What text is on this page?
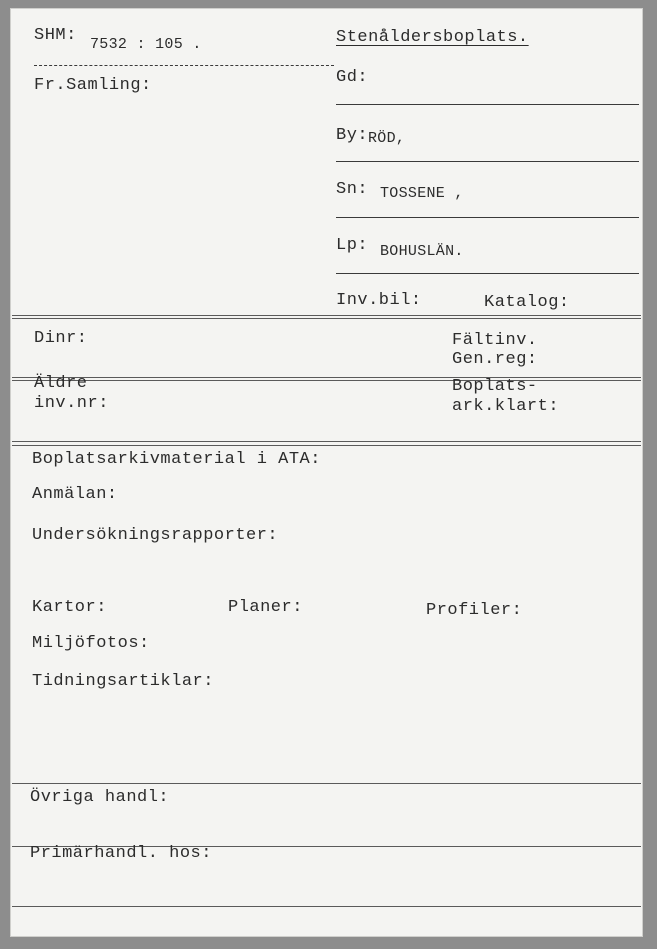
SHM: 7532 : 105 .	Stenåldersboplats.
Fr.Samling:	Gd:
By: RÖD,
Sn: TOSSENE ,
Lp: BOHUSLÄN.
Inv.bil:	Katalog:
Dinr:	Fältinv.
Gen.reg:
Äldre
inv.nr:
Boplats-
ark.klart:
Boplatsarkivmaterial i ATA:
Anmälan:
Undersökningsrapporter:
Kartor:	Planer:	Profiler:
Miljöfotos:
Tidningsartiklar:
Övriga handl:
Primärhandl. hos:
